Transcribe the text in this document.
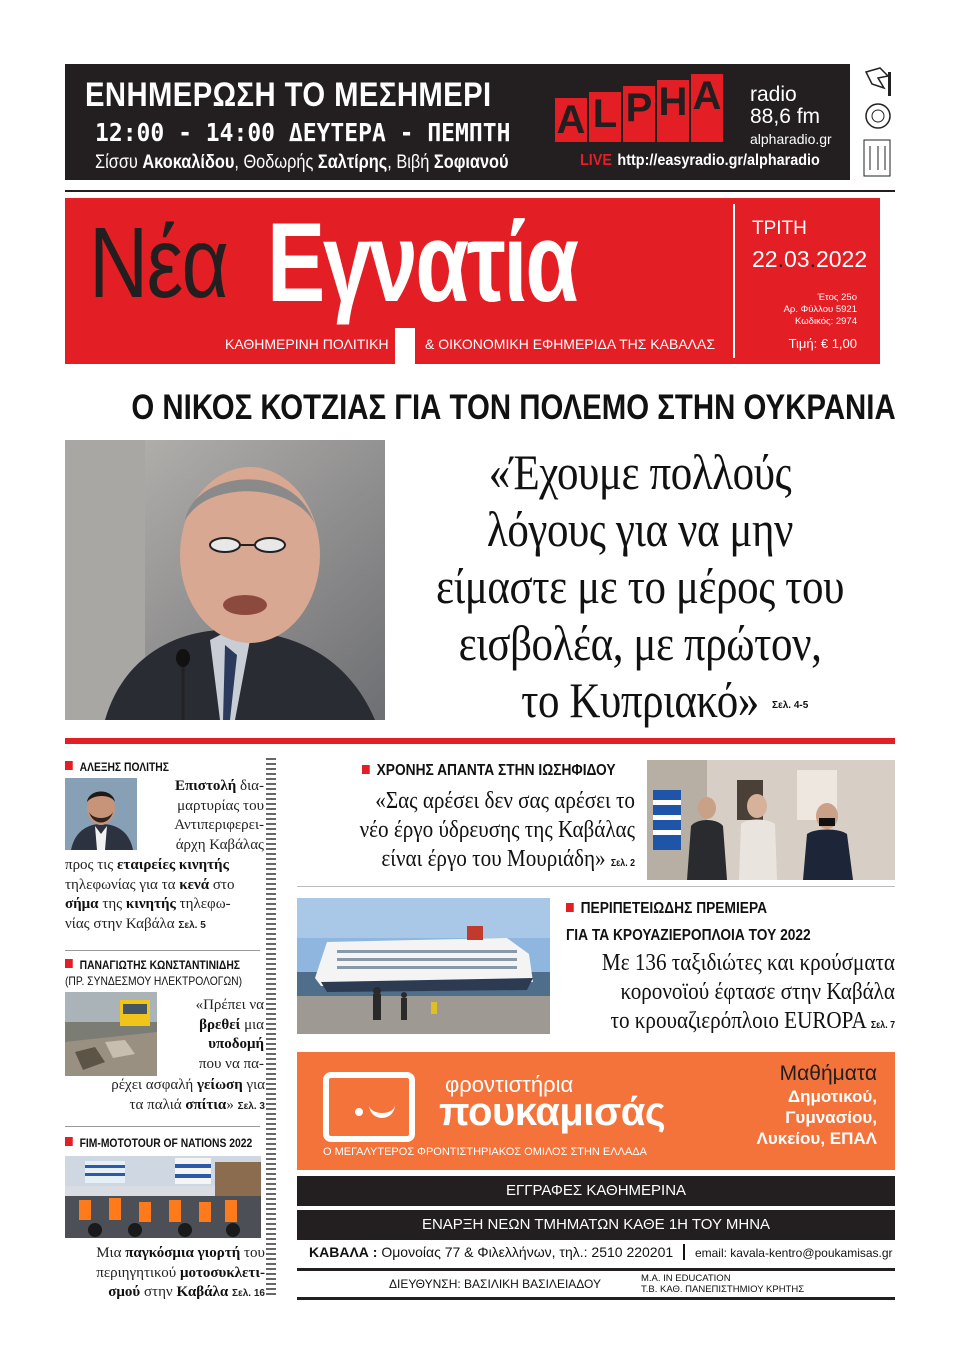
ΕΝΗΜΕΡΩΣΗ ΤΟ ΜΕΣΗΜΕΡΙ
12:00 - 14:00 ΔΕΥΤΕΡΑ - ΠΕΜΠΤΗ
Σίσσυ Ακοκαλίδου, Θοδωρής Σαλτίρης, Βιβή Σοφιανού
A L P H A radio
88,6 fm
alpharadio.gr
LIVE http://easyradio.gr/alpharadio
Νέα Εγνατία
ΚΑΘΗΜΕΡΙΝΗ ΠΟΛΙΤΙΚΗ	& ΟΙΚΟΝΟΜΙΚΗ ΕΦΗΜΕΡΙΔΑ ΤΗΣ ΚΑΒΑΛΑΣ
ΤΡΙΤΗ
22.03.2022
Έτος 25ο
Αρ. Φύλλου 5921
Κωδικός: 2974
Τιμή: € 1,00
Ο ΝΙΚΟΣ ΚΟΤΖΙΑΣ ΓΙΑ ΤΟΝ ΠΟΛΕΜΟ ΣΤΗΝ ΟΥΚΡΑΝΙΑ
«Έχουμε πολλούς
λόγους για να μην
είμαστε με το μέρος του
εισβολέα, με πρώτον,
το Κυπριακό»	Σελ. 4-5
ΑΛΕΞΗΣ ΠΟΛΙΤΗΣ
Επιστολή δια-
μαρτυρίας του
Αντιπεριφερει-
άρχη Καβάλας
προς τις εταιρείες κινητής
τηλεφωνίας για τα κενά στο
σήμα της κινητής τηλεφω-
νίας στην Καβάλα Σελ. 5
ΠΑΝΑΓΙΩΤΗΣ ΚΩΝΣΤΑΝΤΙΝΙΔΗΣ
(ΠΡ. ΣΥΝΔΕΣΜΟΥ ΗΛΕΚΤΡΟΛΟΓΩΝ)
«Πρέπει να
βρεθεί μια
υποδομή
που να πα-
ρέχει ασφαλή γείωση για
τα παλιά σπίτια» Σελ. 3
FIM-MOTOTOUR OF NATIONS 2022
Μια παγκόσμια γιορτή του
περιηγητικού μοτοσυκλετι-
σμού στην Καβάλα Σελ. 16
ΧΡΟΝΗΣ ΑΠΑΝΤΑ ΣΤΗΝ ΙΩΣΗΦΙΔΟΥ
«Σας αρέσει δεν σας αρέσει το
νέο έργο ύδρευσης της Καβάλας
είναι έργο του Μουριάδη» Σελ. 2
ΠΕΡΙΠΕΤΕΙΩΔΗΣ ΠΡΕΜΙΕΡΑ
ΓΙΑ ΤΑ ΚΡΟΥΑΖΙΕΡΟΠΛΟΙΑ ΤΟΥ 2022
Με 136 ταξιδιώτες και κρούσματα
κορονοϊού έφτασε στην Καβάλα
το κρουαζιερόπλοιο EUROPA Σελ. 7
φροντιστήρια
πουκαμισάς
Ο ΜΕΓΑΛΥΤΕΡΟΣ ΦΡΟΝΤΙΣΤΗΡΙΑΚΟΣ ΟΜΙΛΟΣ ΣΤΗΝ ΕΛΛΑΔΑ
Μαθήματα
Δημοτικού,
Γυμνασίου,
Λυκείου, ΕΠΑΛ
ΕΓΓΡΑΦΕΣ ΚΑΘΗΜΕΡΙΝΑ
ΕΝΑΡΞΗ ΝΕΩΝ ΤΜΗΜΑΤΩΝ ΚΑΘΕ 1Η ΤΟΥ ΜΗΝΑ
ΚΑΒΑΛΑ : Ομονοίας 77 & Φιλελλήνων, τηλ.: 2510 220201 email: kavala-kentro@poukamisas.gr
ΔΙΕΥΘΥΝΣΗ: ΒΑΣΙΛΙΚΗ ΒΑΣΙΛΕΙΑΔΟΥ	M.A. IN EDUCATION
Τ.Β. ΚΑΘ. ΠΑΝΕΠΙΣΤΗΜΙΟΥ ΚΡΗΤΗΣ
